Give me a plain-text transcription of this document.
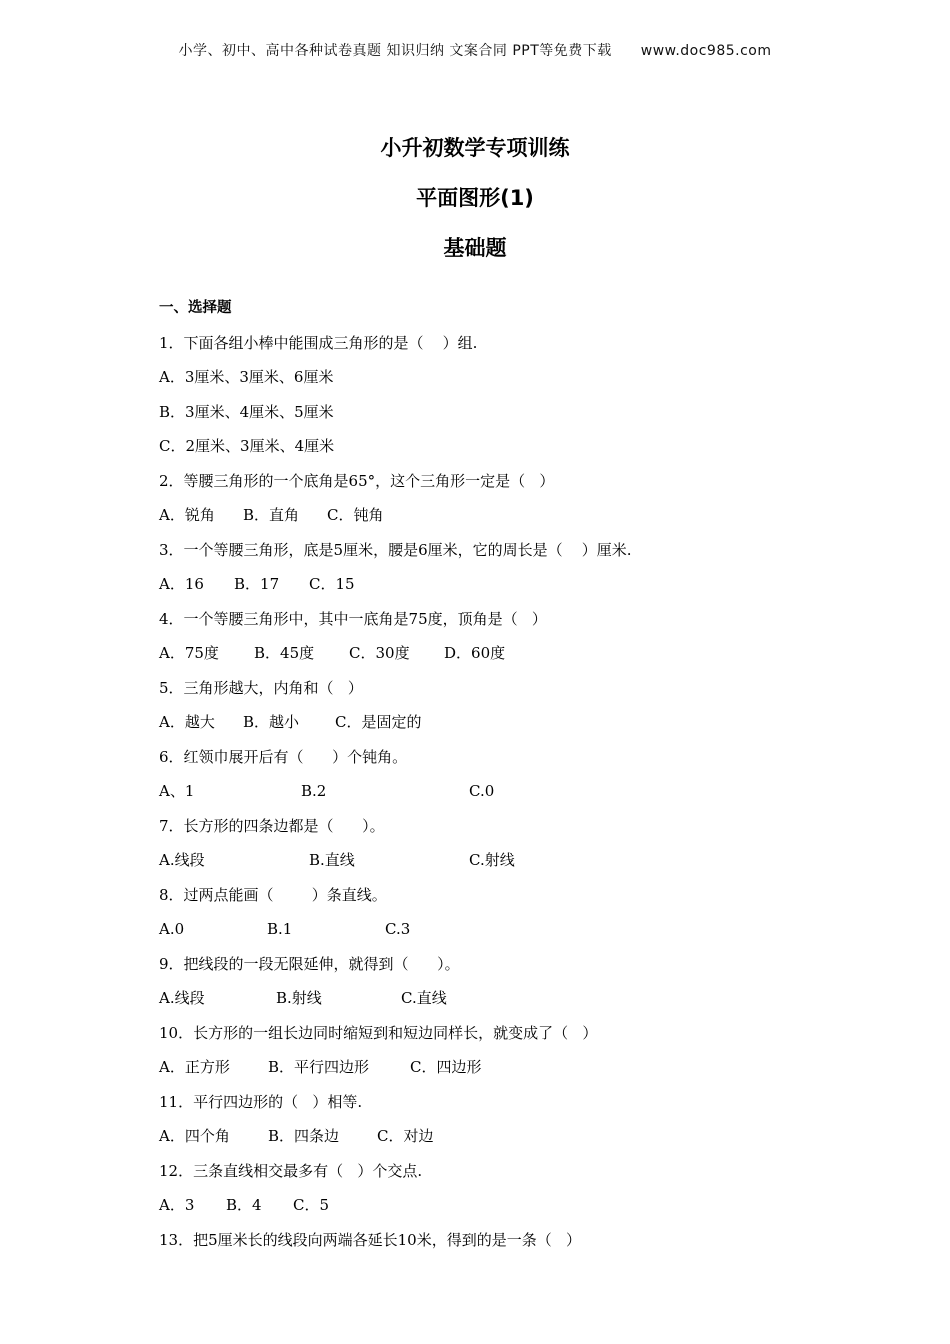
小学、初中、高中各种试卷真题 知识归纳 文案合同 PPT等免费下载 www.doc985.com
小升初数学专项训练
平面图形(1)
基础题
一、选择题
1．下面各组小棒中能围成三角形的是（    ）组.
A．3厘米、3厘米、6厘米
B．3厘米、4厘米、5厘米
C．2厘米、3厘米、4厘米
2．等腰三角形的一个底角是65°，这个三角形一定是（   ）
A．锐角	B．直角	C．钝角
3．一个等腰三角形，底是5厘米，腰是6厘米，它的周长是（    ）厘米.
A．16	B．17	C．15
4．一个等腰三角形中，其中一底角是75度，顶角是（   ）
A．75度	B．45度	C．30度	D．60度
5．三角形越大，内角和（   ）
A．越大	B．越小	C．是固定的
6．红领巾展开后有（      ）个钝角。
A、1	B.2	C.0
7．长方形的四条边都是（      ）。
A.线段	B.直线	C.射线
8．过两点能画（        ）条直线。
A.0	B.1	C.3
9．把线段的一段无限延伸，就得到（      ）。
A.线段	B.射线	C.直线
10．长方形的一组长边同时缩短到和短边同样长，就变成了（   ）
A．正方形	B．平行四边形	C．四边形
11．平行四边形的（   ）相等.
A．四个角	B．四条边	C．对边
12．三条直线相交最多有（   ）个交点.
A．3	B．4	C．5
13．把5厘米长的线段向两端各延长10米，得到的是一条（   ）
